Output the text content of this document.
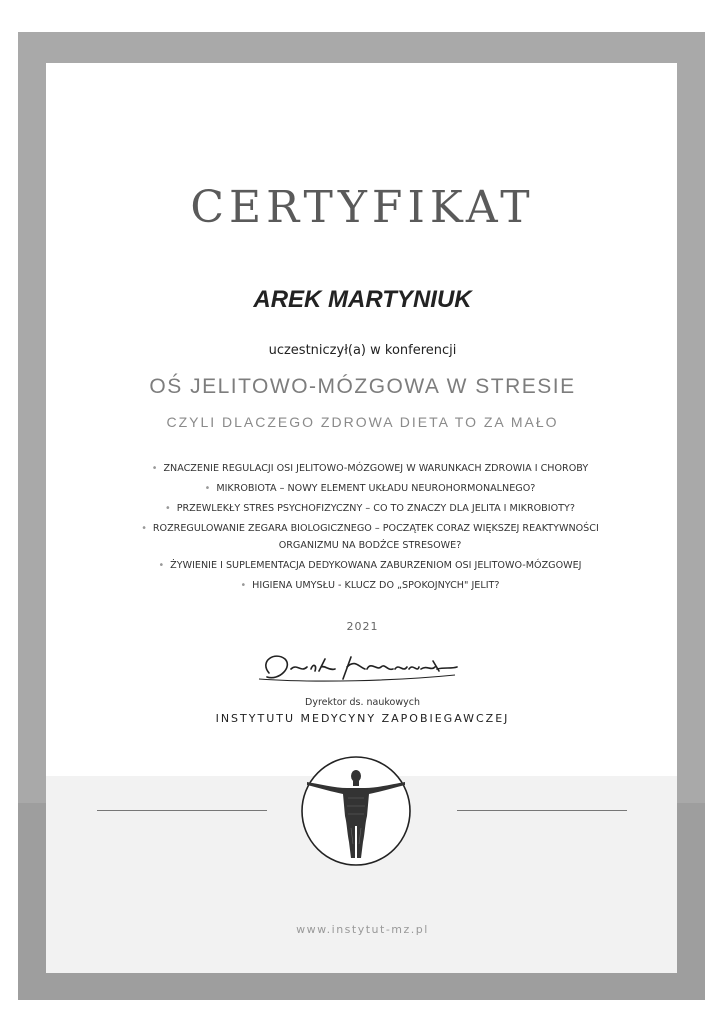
CERTYFIKAT
AREK MARTYNIUK
uczestniczył(a) w konferencji
OŚ JELITOWO-MÓZGOWA W STRESIE
CZYLI DLACZEGO ZDROWA DIETA TO ZA MAŁO
• ZNACZENIE REGULACJI OSI JELITOWO-MÓZGOWEJ W WARUNKACH ZDROWIA I CHOROBY
• MIKROBIOTA – NOWY ELEMENT UKŁADU NEUROHORMONALNEGO?
• PRZEWLEKŁY STRES PSYCHOFIZYCZNY – CO TO ZNACZY DLA JELITA I MIKROBIOTY?
• ROZREGULOWANIE ZEGARA BIOLOGICZNEGO – POCZĄTEK CORAZ WIĘKSZEJ REAKTYWNOŚCI ORGANIZMU NA BODŹCE STRESOWE?
• ŻYWIENIE I SUPLEMENTACJA DEDYKOWANA ZABURZENIOM OSI JELITOWO-MÓZGOWEJ
• HIGIENA UMYSŁU - KLUCZ DO „SPOKOJNYCH" JELIT?
2021
Dyrektor ds. naukowych
INSTYTUTU MEDYCYNY ZAPOBIEGAWCZEJ
www.instytut-mz.pl
